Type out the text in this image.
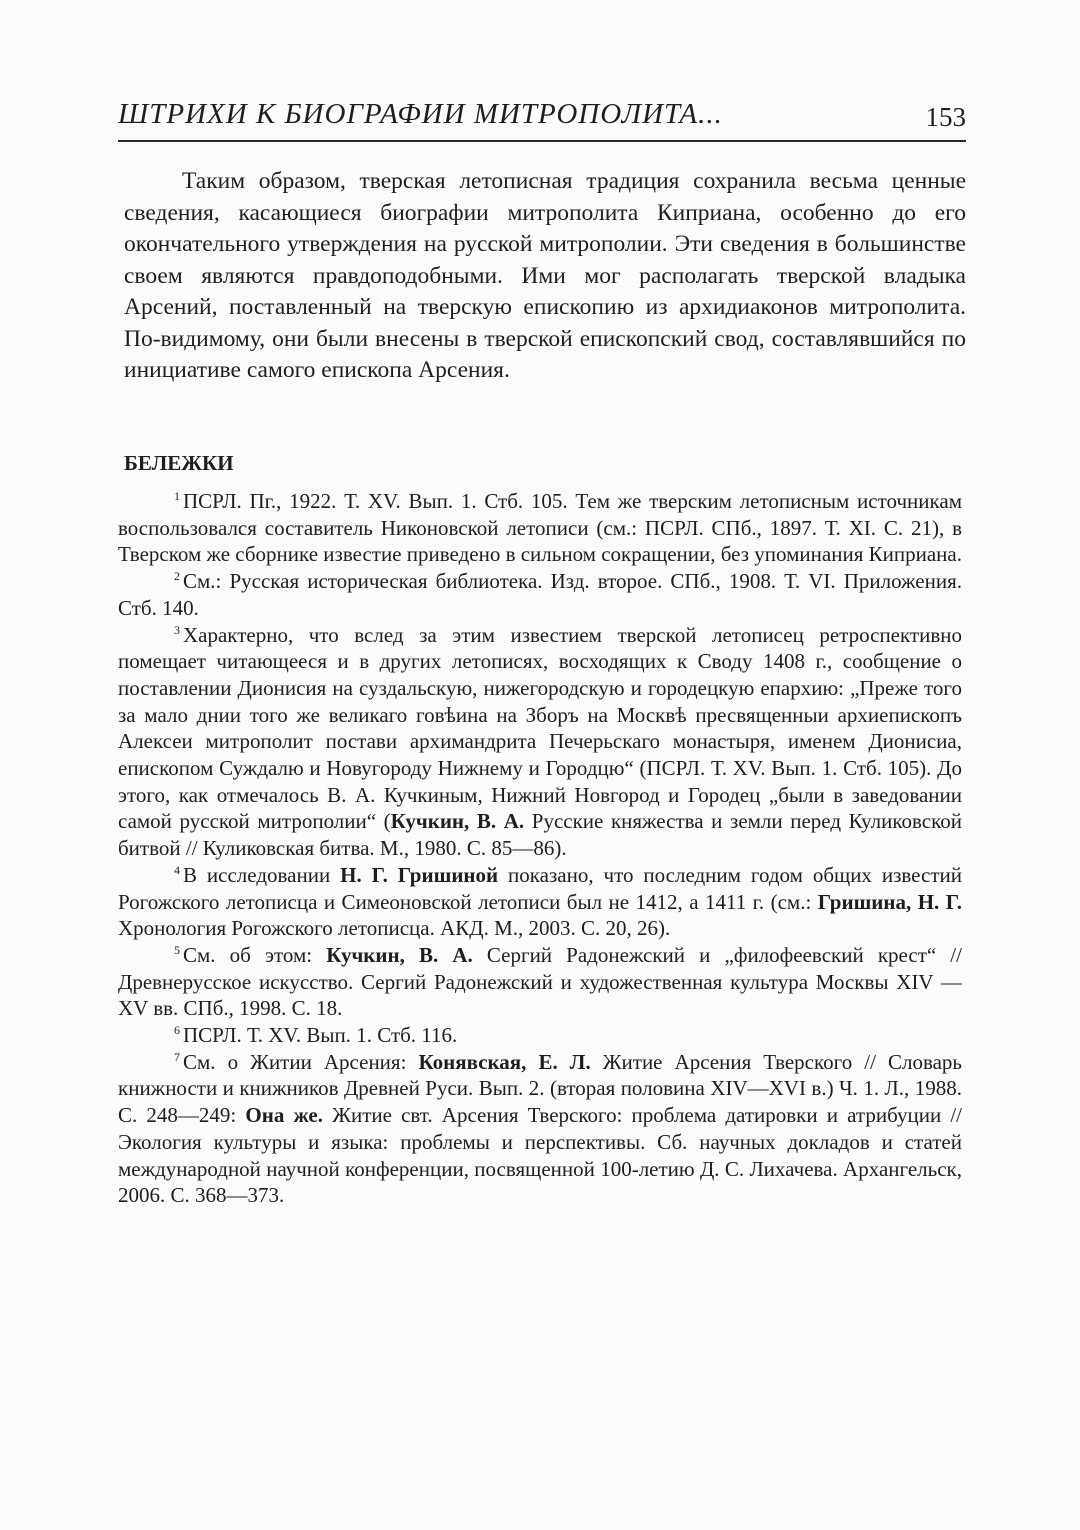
ШТРИХИ К БИОГРАФИИ МИТРОПОЛИТА...	153

Таким образом, тверская летописная традиция сохранила весьма ценные сведения, касающиеся биографии митрополита Киприана, особенно до его окончательного утверждения на русской митрополии. Эти сведения в большинстве своем являются правдоподобными. Ими мог располагать тверской владыка Арсений, поставленный на тверскую епископию из архидиаконов митрополита. По-видимому, они были внесены в тверской епископский свод, составлявшийся по инициативе самого епископа Арсения.

БЕЛЕЖКИ

$^1$ ПСРЛ. Пг., 1922. Т. XV. Вып. 1. Стб. 105. Тем же тверским летописным источникам воспользовался составитель Никоновской летописи (см.: ПСРЛ. СПб., 1897. Т. XI. С. 21), в Тверском же сборнике известие приведено в сильном сокращении, без упоминания Киприана.

$^2$ См.: Русская историческая библиотека. Изд. второе. СПб., 1908. Т. VI. Приложения. Стб. 140.

$^3$ Характерно, что вслед за этим известием тверской летописец ретроспективно помещает читающееся и в других летописях, восходящих к Своду 1408 г., сообщение о поставлении Дионисия на суздальскую, нижегородскую и городецкую епархию: „Преже того за мало днии того же великаго говѣина на Зборъ на Москвѣ пресвященныи архиепископъ Алексеи митрополит постави архимандрита Печерьскаго монастыря, именем Дионисиа, епископом Суждалю и Новугороду Нижнему и Городцю“ (ПСРЛ. Т. XV. Вып. 1. Стб. 105). До этого, как отмечалось В. А. Кучкиным, Нижний Новгород и Городец „были в заведовании самой русской митрополии“ (Кучкин, В. А. Русские княжества и земли перед Куликовской битвой // Куликовская битва. М., 1980. С. 85—86).

$^4$ В исследовании Н. Г. Гришиной показано, что последним годом общих известий Рогожского летописца и Симеоновской летописи был не 1412, а 1411 г. (см.: Гришина, Н. Г. Хронология Рогожского летописца. АКД. М., 2003. С. 20, 26).

$^5$ См. об этом: Кучкин, В. А. Сергий Радонежский и „филофеевский крест“ // Древнерусское искусство. Сергий Радонежский и художественная культура Москвы XIV — XV вв. СПб., 1998. С. 18.

$^6$ ПСРЛ. Т. XV. Вып. 1. Стб. 116.

$^7$ См. о Житии Арсения: Конявская, Е. Л. Житие Арсения Тверского // Словарь книжности и книжников Древней Руси. Вып. 2. (вторая половина XIV—XVI в.) Ч. 1. Л., 1988. С. 248—249: Она же. Житие свт. Арсения Тверского: проблема датировки и атрибуции // Экология культуры и языка: проблемы и перспективы. Сб. научных докладов и статей международной научной конференции, посвященной 100-летию Д. С. Лихачева. Архангельск, 2006. С. 368—373.
